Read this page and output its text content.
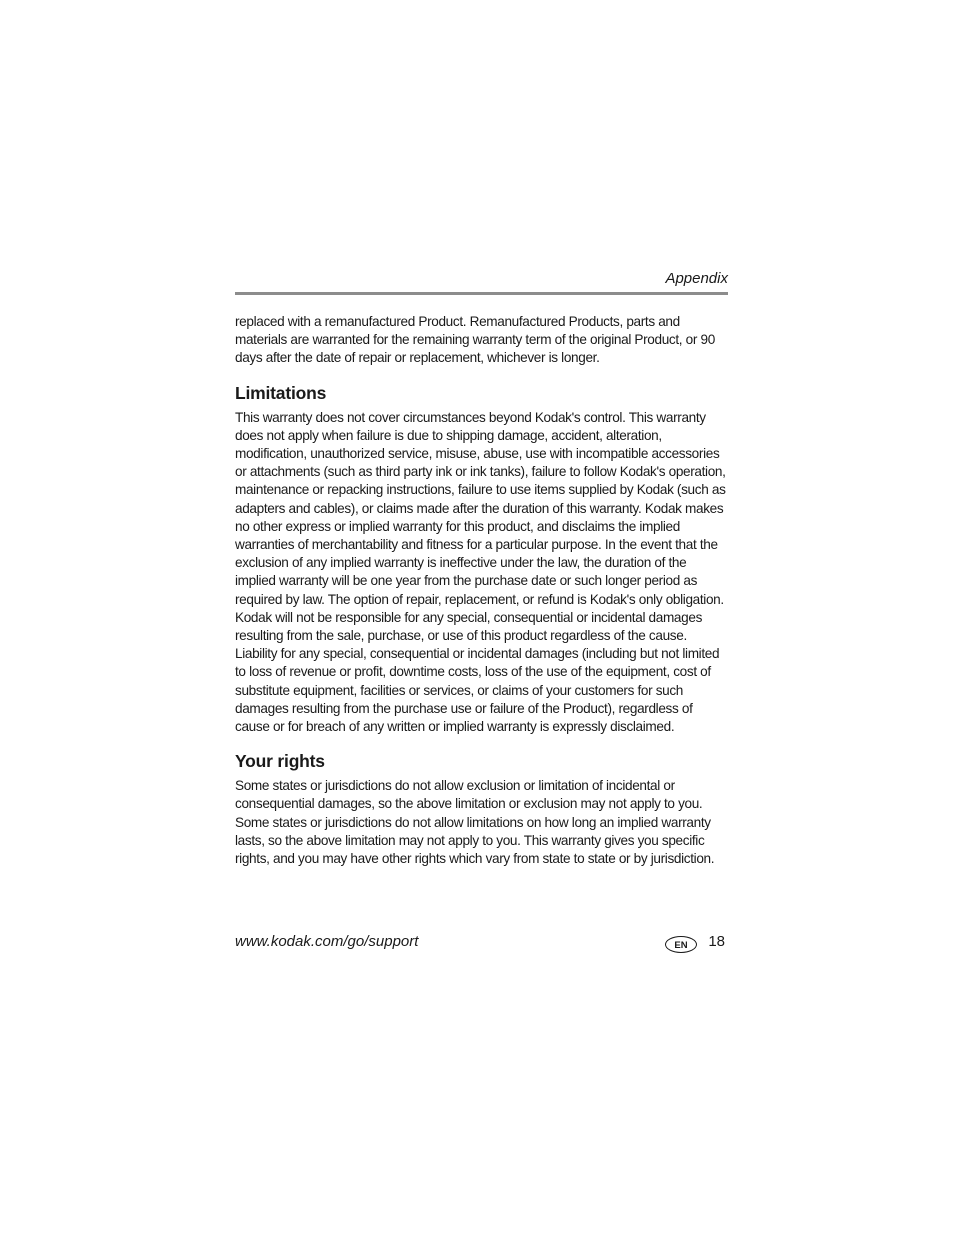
Appendix

replaced with a remanufactured Product. Remanufactured Products, parts and materials are warranted for the remaining warranty term of the original Product, or 90 days after the date of repair or replacement, whichever is longer.

Limitations

This warranty does not cover circumstances beyond Kodak's control. This warranty does not apply when failure is due to shipping damage, accident, alteration, modification, unauthorized service, misuse, abuse, use with incompatible accessories or attachments (such as third party ink or ink tanks), failure to follow Kodak's operation, maintenance or repacking instructions, failure to use items supplied by Kodak (such as adapters and cables), or claims made after the duration of this warranty. Kodak makes no other express or implied warranty for this product, and disclaims the implied warranties of merchantability and fitness for a particular purpose. In the event that the exclusion of any implied warranty is ineffective under the law, the duration of the implied warranty will be one year from the purchase date or such longer period as required by law. The option of repair, replacement, or refund is Kodak's only obligation. Kodak will not be responsible for any special, consequential or incidental damages resulting from the sale, purchase, or use of this product regardless of the cause. Liability for any special, consequential or incidental damages (including but not limited to loss of revenue or profit, downtime costs, loss of the use of the equipment, cost of substitute equipment, facilities or services, or claims of your customers for such damages resulting from the purchase use or failure of the Product), regardless of cause or for breach of any written or implied warranty is expressly disclaimed.

Your rights

Some states or jurisdictions do not allow exclusion or limitation of incidental or consequential damages, so the above limitation or exclusion may not apply to you. Some states or jurisdictions do not allow limitations on how long an implied warranty lasts, so the above limitation may not apply to you. This warranty gives you specific rights, and you may have other rights which vary from state to state or by jurisdiction.

www.kodak.com/go/support	EN	18
